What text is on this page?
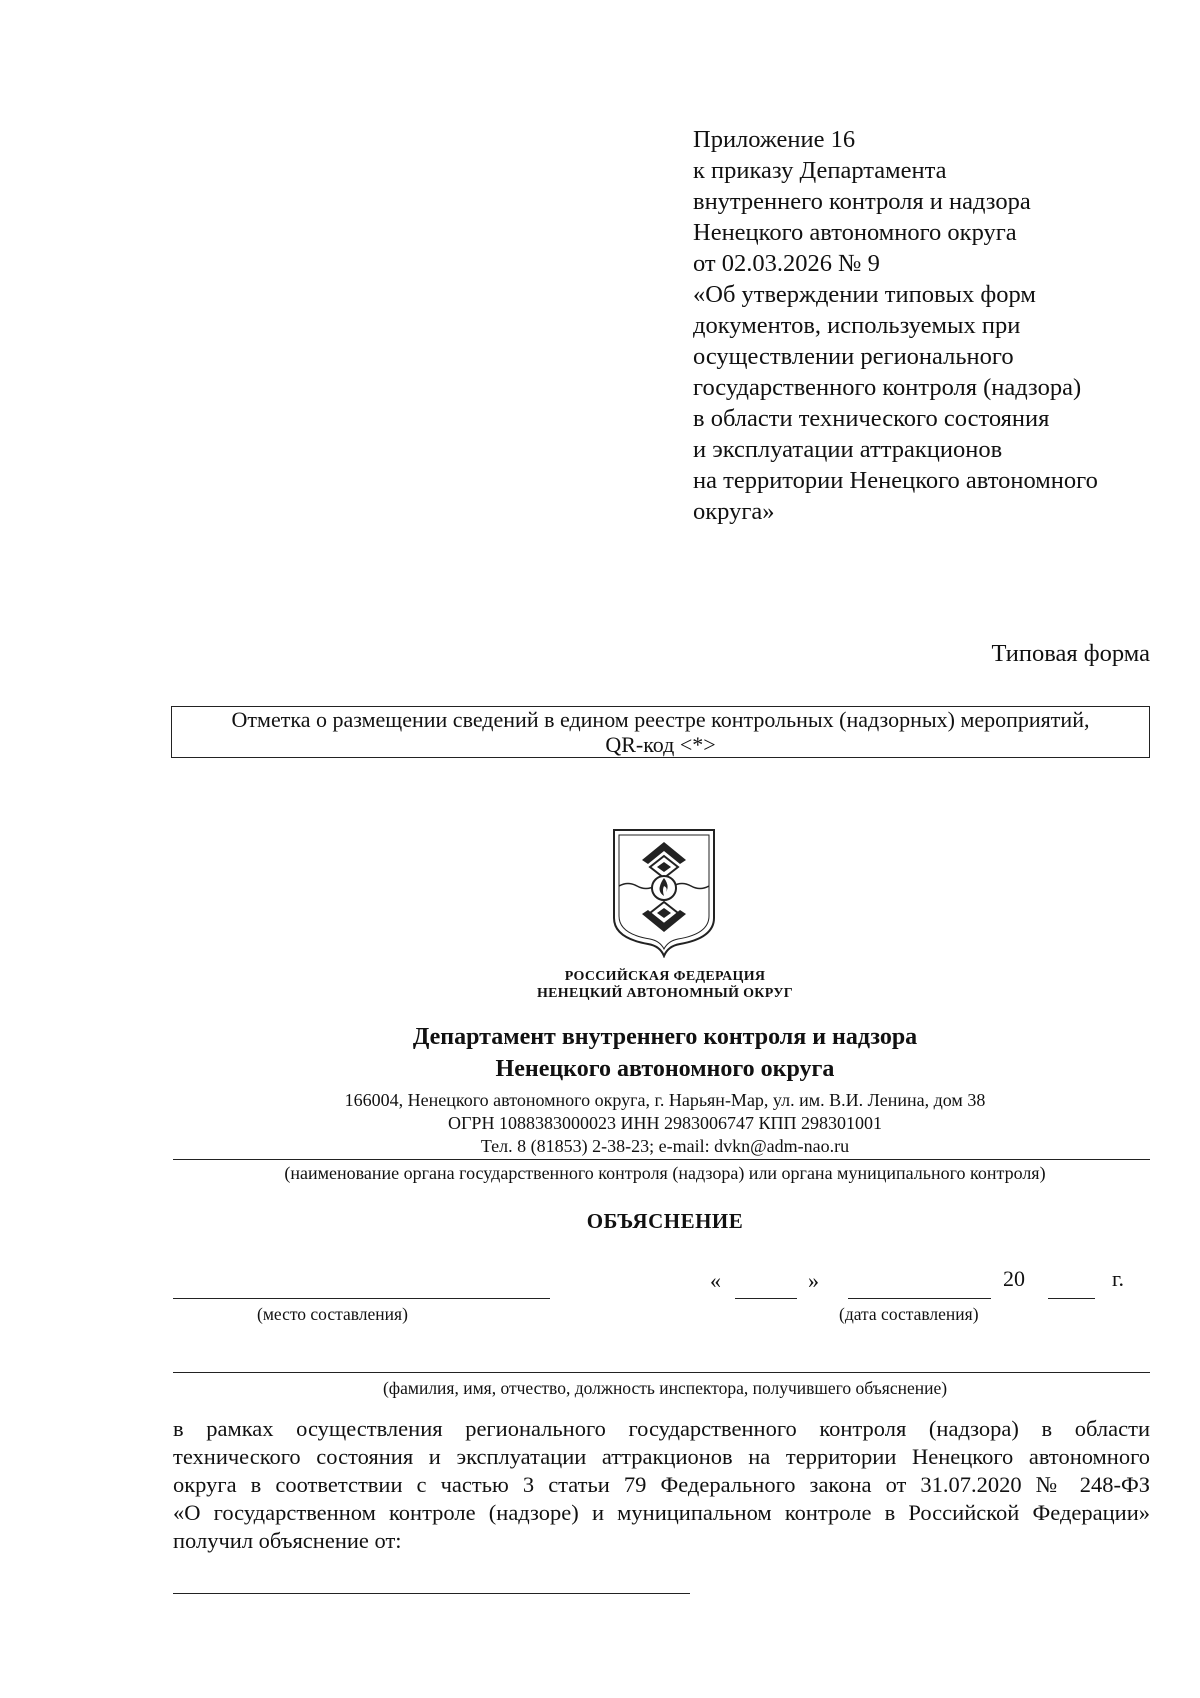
Приложение 16
к приказу Департамента
внутреннего контроля и надзора
Ненецкого автономного округа
от 02.03.2026 № 9
«Об утверждении типовых форм
документов, используемых при
осуществлении регионального
государственного контроля (надзора)
в области технического состояния
и эксплуатации аттракционов
на территории Ненецкого автономного
округа»
Типовая форма
Отметка о размещении сведений в едином реестре контрольных (надзорных) мероприятий,
QR-код <*>
РОССИЙСКАЯ ФЕДЕРАЦИЯ
НЕНЕЦКИЙ АВТОНОМНЫЙ ОКРУГ
Департамент внутреннего контроля и надзора
Ненецкого автономного округа
166004, Ненецкого автономного округа, г. Нарьян-Мар, ул. им. В.И. Ленина, дом 38
ОГРН 1088383000023 ИНН 2983006747 КПП 298301001
Тел. 8 (81853) 2-38-23; e-mail: dvkn@adm-nao.ru
(наименование органа государственного контроля (надзора) или органа муниципального контроля)
ОБЪЯСНЕНИЕ
(место составления)
«	»	20	г.
(дата составления)
(фамилия, имя, отчество, должность инспектора, получившего объяснение)
в рамках осуществления регионального государственного контроля (надзора) в области
технического состояния и эксплуатации аттракционов на территории Ненецкого автономного
округа в соответствии с частью 3 статьи 79 Федерального закона от 31.07.2020 № 248-ФЗ
«О государственном контроле (надзоре) и муниципальном контроле в Российской Федерации»
получил объяснение от:
